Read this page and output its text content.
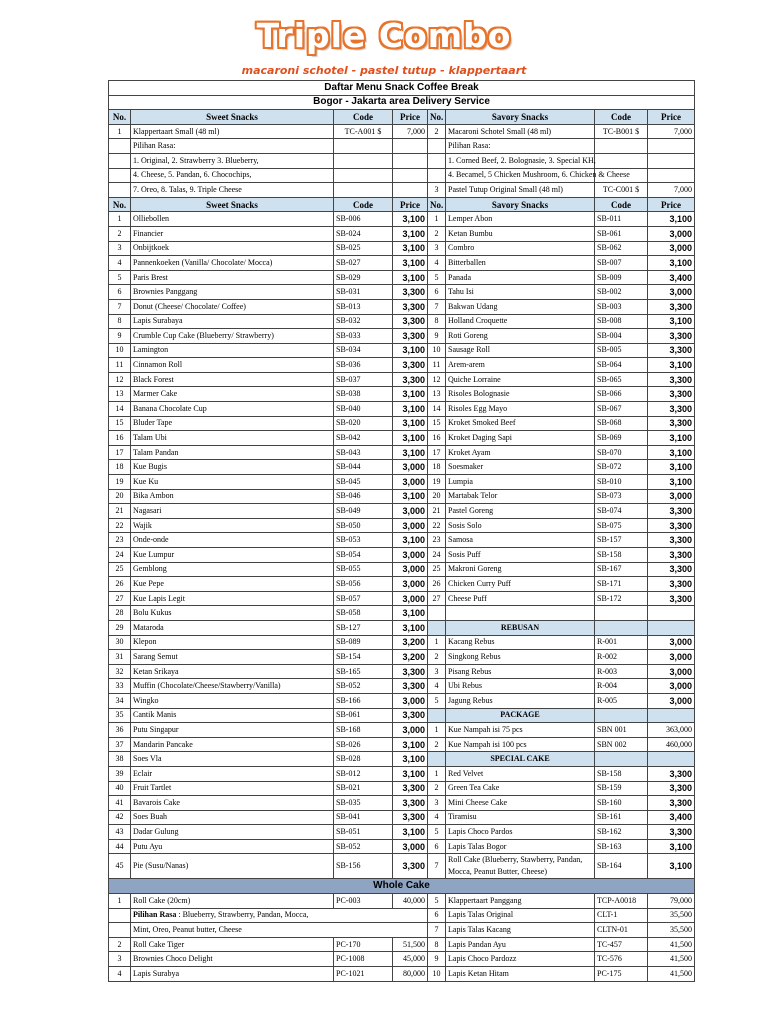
Triple Combo
macaroni schotel - pastel tutup - klappertaart
Daftar Menu Snack Coffee Break							
Bogor - Jakarta area Delivery Service							
No.	Sweet Snacks	Code	Price	No.	Savory Snacks	Code	Price
1	Klappertaart Small (48 ml)	TC-A001 $	7,000	2	Macaroni Schotel Small (48 ml)	TC-B001 $	7,000
	Pilihan Rasa:				Pilihan Rasa:		
	1. Original, 2. Strawberry 3. Blueberry,				1. Corned Beef, 2. Bolognasie, 3. Special KH,		
	4. Cheese, 5. Pandan, 6. Chocochips,				4. Becamel, 5 Chicken Mushroom, 6. Chicken & Cheese		
	7. Oreo, 8. Talas, 9. Triple Cheese			3	Pastel Tutup Original Small (48 ml)	TC-C001 $	7,000
No.	Sweet Snacks	Code	Price	No.	Savory Snacks	Code	Price
1	Olliebollen	SB-006	3,100	1	Lemper Abon	SB-011	3,100
2	Financier	SB-024	3,100	2	Ketan Bumbu	SB-061	3,000
3	Onbijtkoek	SB-025	3,100	3	Combro	SB-062	3,000
4	Pannenkoeken (Vanilla/ Chocolate/ Mocca)	SB-027	3,100	4	Bitterballen	SB-007	3,100
5	Paris Brest	SB-029	3,100	5	Panada	SB-009	3,400
6	Brownies Panggang	SB-031	3,300	6	Tahu Isi	SB-002	3,000
7	Donut (Cheese/ Chocolate/ Coffee)	SB-013	3,300	7	Bakwan Udang	SB-003	3,300
8	Lapis Surabaya	SB-032	3,300	8	Holland Croquette	SB-008	3,100
9	Crumble Cup Cake (Blueberry/ Strawberry)	SB-033	3,300	9	Roti Goreng	SB-004	3,300
10	Lamington	SB-034	3,100	10	Sausage Roll	SB-005	3,300
11	Cinnamon Roll	SB-036	3,300	11	Arem-arem	SB-064	3,100
12	Black Forest	SB-037	3,300	12	Quiche Lorraine	SB-065	3,300
13	Marmer Cake	SB-038	3,100	13	Risoles Bolognasie	SB-066	3,300
14	Banana Chocolate Cup	SB-040	3,100	14	Risoles Egg Mayo	SB-067	3,300
15	Bluder Tape	SB-020	3,100	15	Kroket Smoked Beef	SB-068	3,300
16	Talam Ubi	SB-042	3,100	16	Kroket Daging Sapi	SB-069	3,100
17	Talam Pandan	SB-043	3,100	17	Kroket Ayam	SB-070	3,100
18	Kue Bugis	SB-044	3,000	18	Soesmaker	SB-072	3,100
19	Kue Ku	SB-045	3,000	19	Lumpia	SB-010	3,100
20	Bika Ambon	SB-046	3,100	20	Martabak Telor	SB-073	3,000
21	Nagasari	SB-049	3,000	21	Pastel Goreng	SB-074	3,300
22	Wajik	SB-050	3,000	22	Sosis Solo	SB-075	3,300
23	Onde-onde	SB-053	3,100	23	Samosa	SB-157	3,300
24	Kue Lumpur	SB-054	3,000	24	Sosis Puff	SB-158	3,300
25	Gemblong	SB-055	3,000	25	Makroni Goreng	SB-167	3,300
26	Kue Pepe	SB-056	3,000	26	Chicken Curry Puff	SB-171	3,300
27	Kue Lapis Legit	SB-057	3,000	27	Cheese Puff	SB-172	3,300
28	Bolu Kukus	SB-058	3,100				
29	Mataroda	SB-127	3,100		REBUSAN		
30	Klepon	SB-089	3,200	1	Kacang Rebus	R-001	3,000
31	Sarang Semut	SB-154	3,200	2	Singkong Rebus	R-002	3,000
32	Ketan Srikaya	SB-165	3,300	3	Pisang Rebus	R-003	3,000
33	Muffin (Chocolate/Cheese/Stawberry/Vanilla)	SB-052	3,300	4	Ubi Rebus	R-004	3,000
34	Wingko	SB-166	3,000	5	Jagung Rebus	R-005	3,000
35	Cantik Manis	SB-061	3,300		PACKAGE		
36	Putu Singapur	SB-168	3,000	1	Kue Nampah isi 75 pcs	SBN 001	363,000
37	Mandarin Pancake	SB-026	3,100	2	Kue Nampah isi 100 pcs	SBN 002	460,000
38	Soes Vla	SB-028	3,100		SPECIAL CAKE		
39	Eclair	SB-012	3,100	1	Red Velvet	SB-158	3,300
40	Fruit Tartlet	SB-021	3,300	2	Green Tea Cake	SB-159	3,300
41	Bavarois Cake	SB-035	3,300	3	Mini Cheese Cake	SB-160	3,300
42	Soes Buah	SB-041	3,300	4	Tiramisu	SB-161	3,400
43	Dadar Gulung	SB-051	3,100	5	Lapis Choco Pardos	SB-162	3,300
44	Putu Ayu	SB-052	3,000	6	Lapis Talas Bogor	SB-163	3,100
45	Pie (Susu/Nanas)	SB-156	3,300	7	Roll Cake (Blueberry, Stawberry, Pandan,
Mocca, Peanut Butter, Cheese)	SB-164	3,100
Whole Cake							
1	Roll Cake (20cm)	PC-003	40,000	5	Klappertaart Panggang	TCP-A0018	79,000
	Pilihan Rasa : Blueberry, Strawberry, Pandan, Mocca,			6	Lapis Talas Original	CLT-1	35,500
	Mint, Oreo, Peanut butter, Cheese			7	Lapis Talas Kacang	CLTN-01	35,500
2	Roll Cake Tiger	PC-170	51,500	8	Lapis Pandan Ayu	TC-457	41,500
3	Brownies Choco Delight	PC-1008	45,000	9	Lapis Choco Pardozz	TC-576	41,500
4	Lapis Surabya	PC-1021	80,000	10	Lapis Ketan Hitam	PC-175	41,500
